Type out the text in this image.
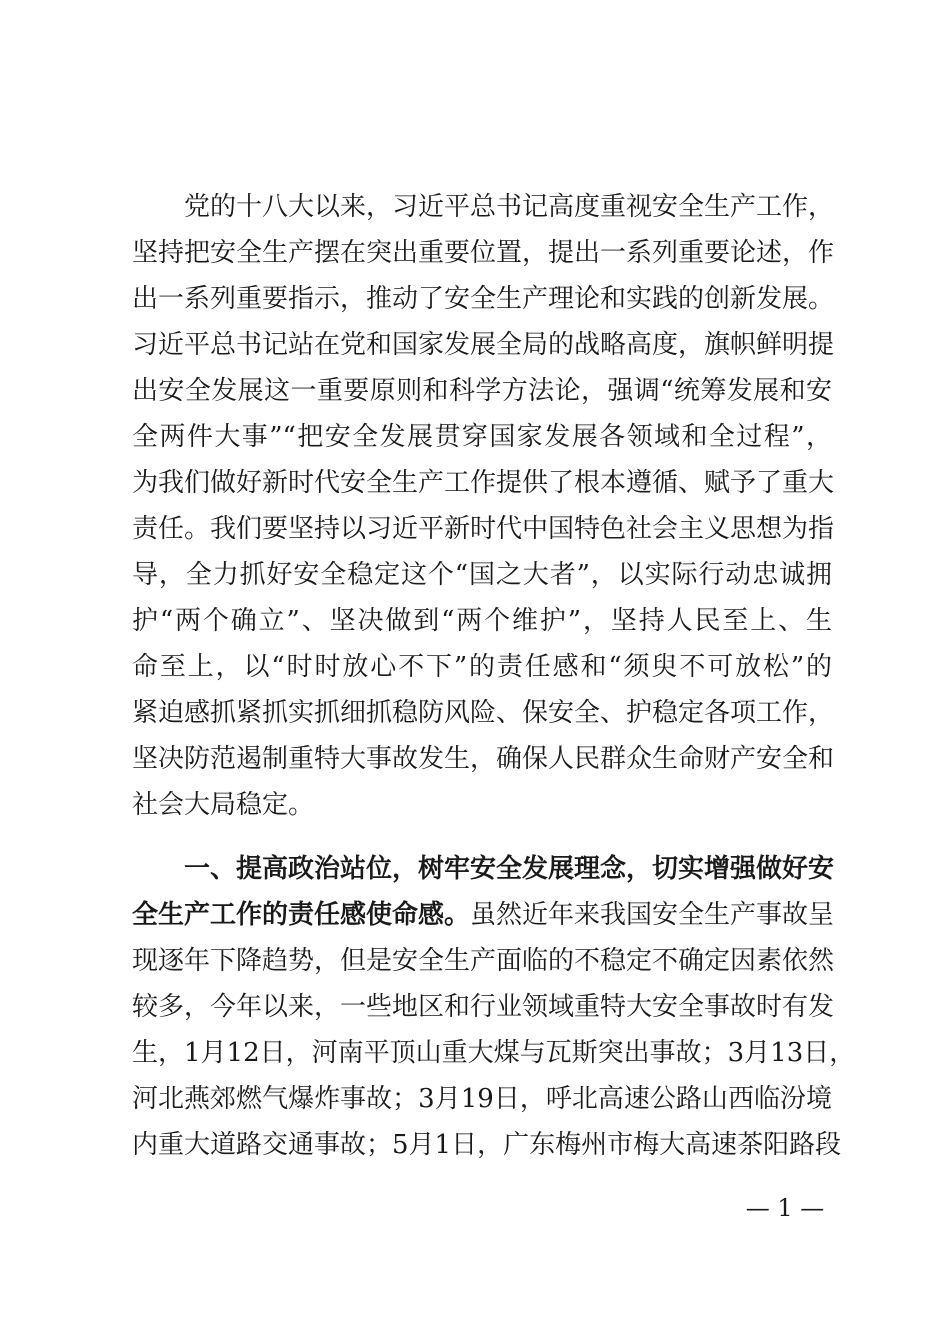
　　党的十八大以来，习近平总书记高度重视安全生产工作，
坚持把安全生产摆在突出重要位置，提出一系列重要论述，作
出一系列重要指示，推动了安全生产理论和实践的创新发展。
习近平总书记站在党和国家发展全局的战略高度，旗帜鲜明提
出安全发展这一重要原则和科学方法论，强调“统筹发展和安
全两件大事”“把安全发展贯穿国家发展各领域和全过程”，
为我们做好新时代安全生产工作提供了根本遵循、赋予了重大
责任。我们要坚持以习近平新时代中国特色社会主义思想为指
导，全力抓好安全稳定这个“国之大者”，以实际行动忠诚拥
护“两个确立”、坚决做到“两个维护”，坚持人民至上、生
命至上，以“时时放心不下”的责任感和“须臾不可放松”的
紧迫感抓紧抓实抓细抓稳防风险、保安全、护稳定各项工作，
坚决防范遏制重特大事故发生，确保人民群众生命财产安全和
社会大局稳定。
　　一、提高政治站位，树牢安全发展理念，切实增强做好安
全生产工作的责任感使命感。虽然近年来我国安全生产事故呈
现逐年下降趋势，但是安全生产面临的不稳定不确定因素依然
较多，今年以来，一些地区和行业领域重特大安全事故时有发
生，1月12日，河南平顶山重大煤与瓦斯突出事故；3月13日，
河北燕郊燃气爆炸事故；3月19日，呼北高速公路山西临汾境
内重大道路交通事故；5月1日，广东梅州市梅大高速茶阳路段
— 1 —
